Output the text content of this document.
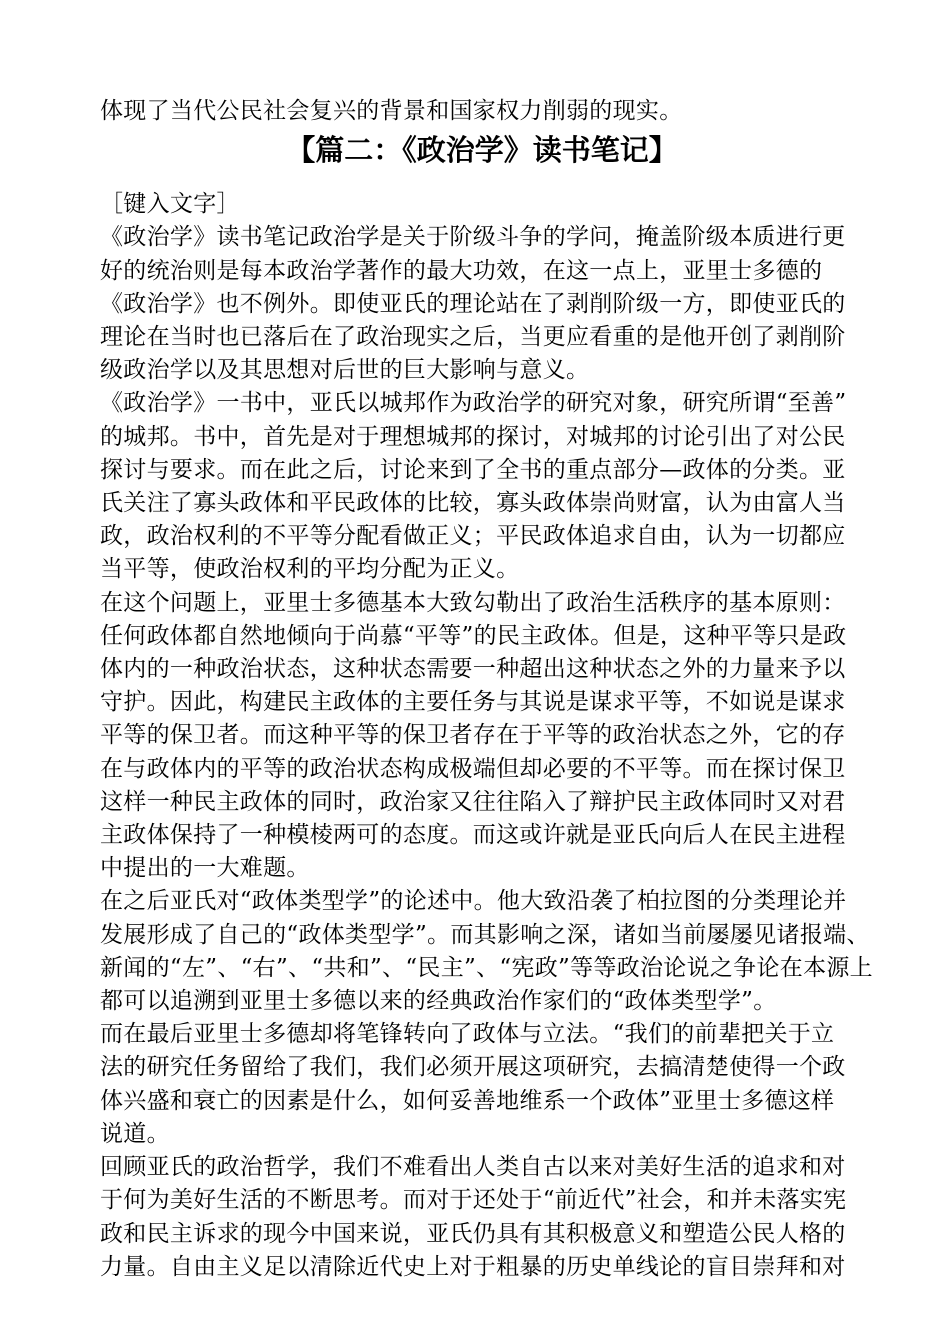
体现了当代公民社会复兴的背景和国家权力削弱的现实。
【篇二：《政治学》读书笔记】
［键入文字］
《政治学》读书笔记政治学是关于阶级斗争的学问，掩盖阶级本质进行更
好的统治则是每本政治学著作的最大功效，在这一点上，亚里士多德的
《政治学》也不例外。即使亚氏的理论站在了剥削阶级一方，即使亚氏的
理论在当时也已落后在了政治现实之后，当更应看重的是他开创了剥削阶
级政治学以及其思想对后世的巨大影响与意义。
《政治学》一书中，亚氏以城邦作为政治学的研究对象，研究所谓“至善”
的城邦。书中，首先是对于理想城邦的探讨，对城邦的讨论引出了对公民
探讨与要求。而在此之后，讨论来到了全书的重点部分—政体的分类。亚
氏关注了寡头政体和平民政体的比较，寡头政体崇尚财富，认为由富人当
政，政治权利的不平等分配看做正义；平民政体追求自由，认为一切都应
当平等，使政治权利的平均分配为正义。
在这个问题上，亚里士多德基本大致勾勒出了政治生活秩序的基本原则：
任何政体都自然地倾向于尚慕“平等”的民主政体。但是，这种平等只是政
体内的一种政治状态，这种状态需要一种超出这种状态之外的力量来予以
守护。因此，构建民主政体的主要任务与其说是谋求平等，不如说是谋求
平等的保卫者。而这种平等的保卫者存在于平等的政治状态之外，它的存
在与政体内的平等的政治状态构成极端但却必要的不平等。而在探讨保卫
这样一种民主政体的同时，政治家又往往陷入了辩护民主政体同时又对君
主政体保持了一种模棱两可的态度。而这或许就是亚氏向后人在民主进程
中提出的一大难题。
在之后亚氏对“政体类型学”的论述中。他大致沿袭了柏拉图的分类理论并
发展形成了自己的“政体类型学”。而其影响之深，诸如当前屡屡见诸报端、
新闻的“左”、“右”、“共和”、“民主”、“宪政”等等政治论说之争论在本源上
都可以追溯到亚里士多德以来的经典政治作家们的“政体类型学”。
而在最后亚里士多德却将笔锋转向了政体与立法。“我们的前辈把关于立
法的研究任务留给了我们，我们必须开展这项研究，去搞清楚使得一个政
体兴盛和衰亡的因素是什么，如何妥善地维系一个政体”亚里士多德这样
说道。
回顾亚氏的政治哲学，我们不难看出人类自古以来对美好生活的追求和对
于何为美好生活的不断思考。而对于还处于“前近代”社会，和并未落实宪
政和民主诉求的现今中国来说，亚氏仍具有其积极意义和塑造公民人格的
力量。自由主义足以清除近代史上对于粗暴的历史单线论的盲目崇拜和对
